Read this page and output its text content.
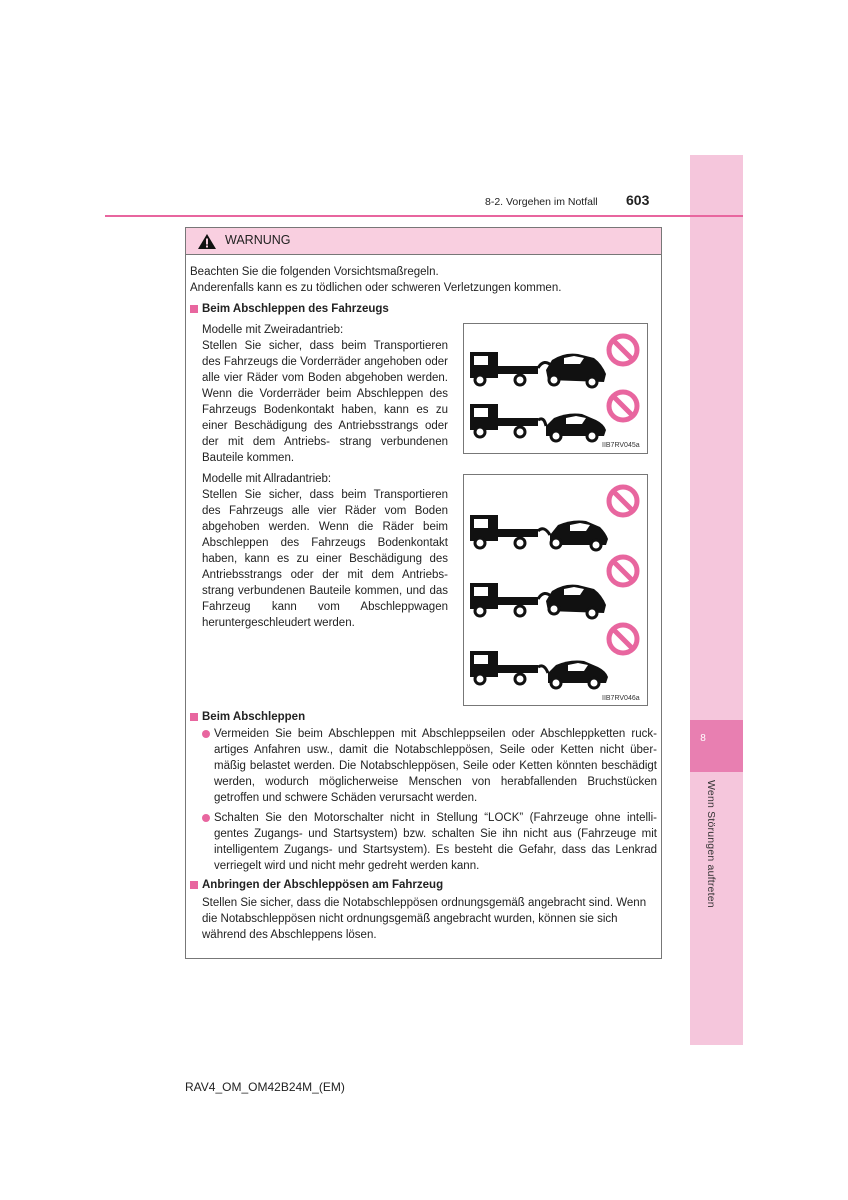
8
Wenn Störungen auftreten
8-2. Vorgehen im Notfall 603
WARNUNG
Beachten Sie die folgenden Vorsichtsmaßregeln.
Anderenfalls kann es zu tödlichen oder schweren Verletzungen kommen.
Beim Abschleppen des Fahrzeugs
Modelle mit Zweiradantrieb:
Stellen Sie sicher, dass beim Transportieren des Fahrzeugs die Vorderräder angehoben oder alle vier Räder vom Boden abgehoben werden. Wenn die Vorderräder beim Abschleppen des Fahrzeugs Bodenkontakt haben, kann es zu einer Beschädigung des Antriebsstrangs oder der mit dem Antriebs- strang verbundenen Bauteile kommen.
Modelle mit Allradantrieb:
Stellen Sie sicher, dass beim Transportieren des Fahrzeugs alle vier Räder vom Boden abgehoben werden. Wenn die Räder beim Abschleppen des Fahrzeugs Bodenkontakt haben, kann es zu einer Beschädigung des Antriebsstrangs oder der mit dem Antriebs- strang verbundenen Bauteile kommen, und das Fahrzeug kann vom Abschleppwagen heruntergeschleudert werden.
IIB7RV045a
IIB7RV046a
Beim Abschleppen
Vermeiden Sie beim Abschleppen mit Abschleppseilen oder Abschleppketten ruck- artiges Anfahren usw., damit die Notabschleppösen, Seile oder Ketten nicht über- mäßig belastet werden. Die Notabschleppösen, Seile oder Ketten könnten beschädigt werden, wodurch möglicherweise Menschen von herabfallenden Bruchstücken getroffen und schwere Schäden verursacht werden.
Schalten Sie den Motorschalter nicht in Stellung “LOCK” (Fahrzeuge ohne intelli- gentes Zugangs- und Startsystem) bzw. schalten Sie ihn nicht aus (Fahrzeuge mit intelligentem Zugangs- und Startsystem). Es besteht die Gefahr, dass das Lenkrad verriegelt wird und nicht mehr gedreht werden kann.
Anbringen der Abschleppösen am Fahrzeug
Stellen Sie sicher, dass die Notabschleppösen ordnungsgemäß angebracht sind. Wenn die Notabschleppösen nicht ordnungsgemäß angebracht wurden, können sie sich während des Abschleppens lösen.
RAV4_OM_OM42B24M_(EM)
